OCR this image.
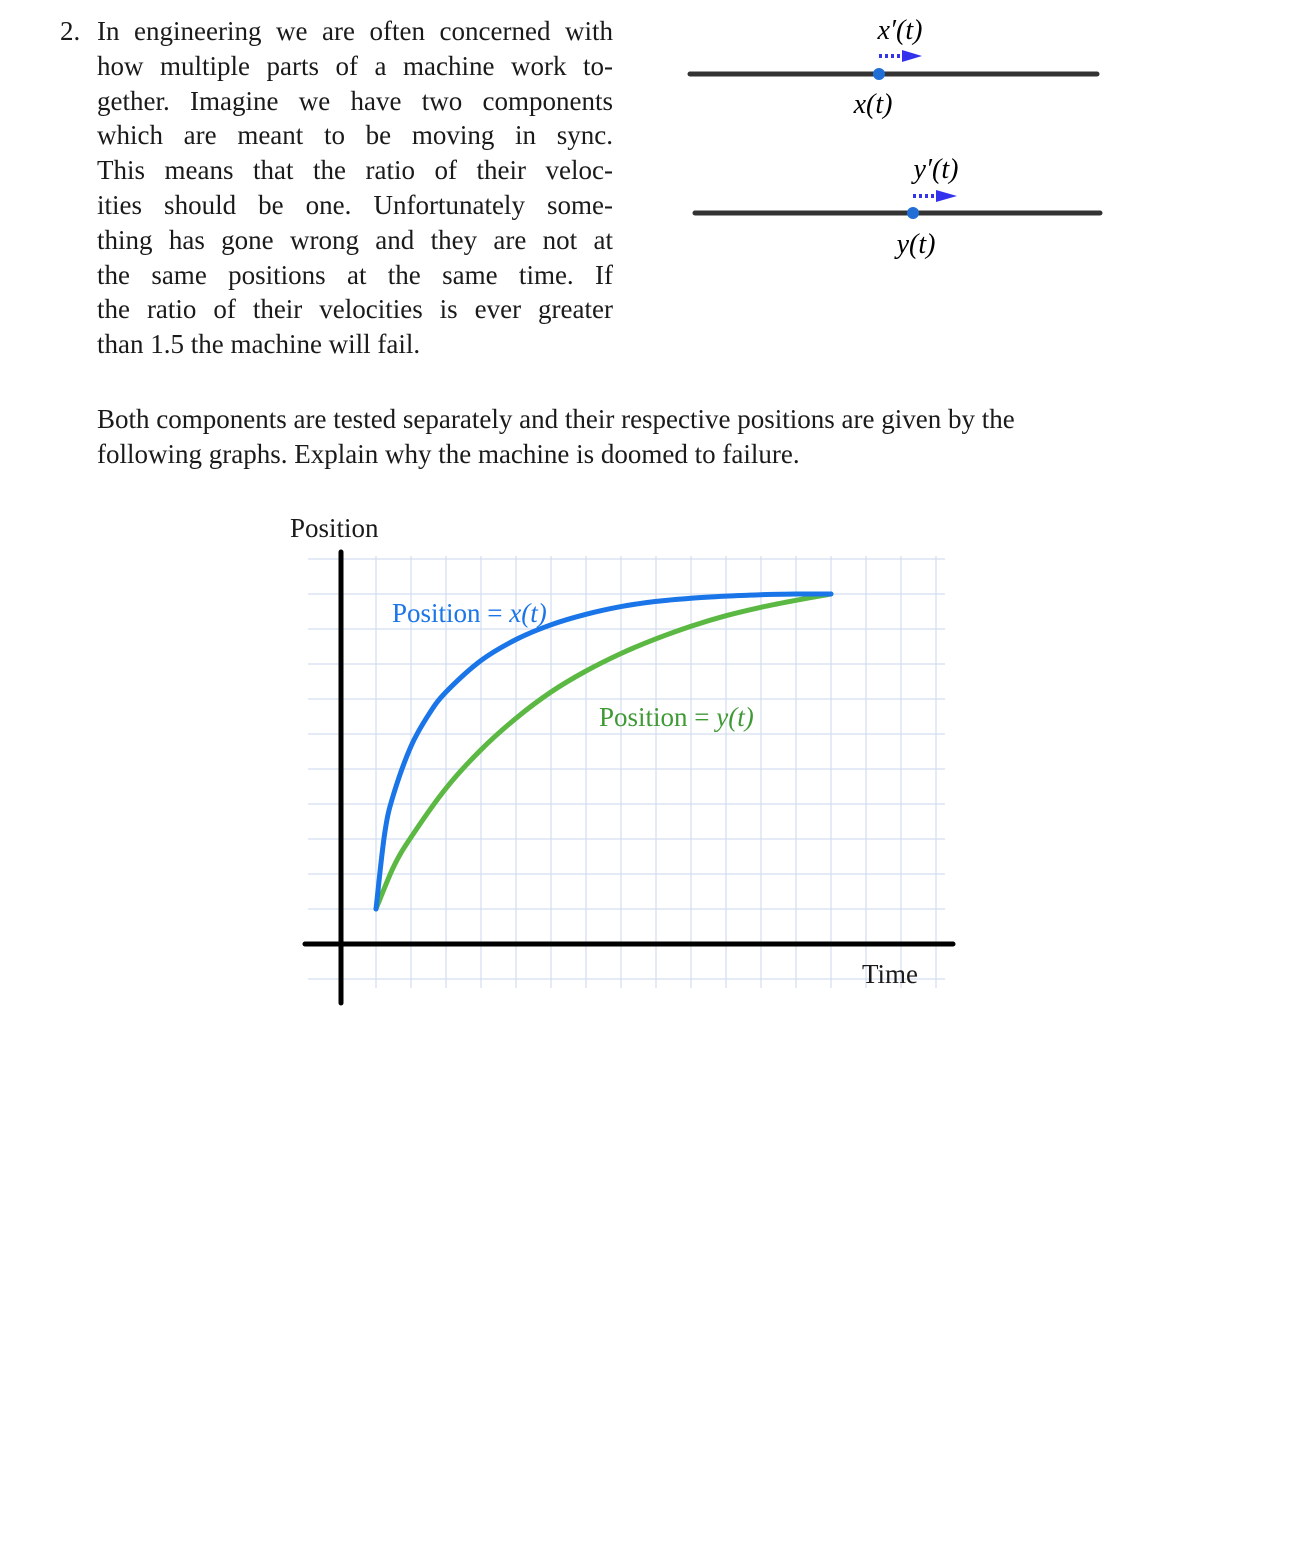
2. In engineering we are often concerned with
how multiple parts of a machine work to-
gether. Imagine we have two components
which are meant to be moving in sync.
This means that the ratio of their veloc-
ities should be one. Unfortunately some-
thing has gone wrong and they are not at
the same positions at the same time. If
the ratio of their velocities is ever greater
than 1.5 the machine will fail.
Both components are tested separately and their respective positions are given by the
following graphs. Explain why the machine is doomed to failure.
x′(t)
x(t)
y′(t)
y(t)
Position
Time
Position = x(t)
Position = y(t)
